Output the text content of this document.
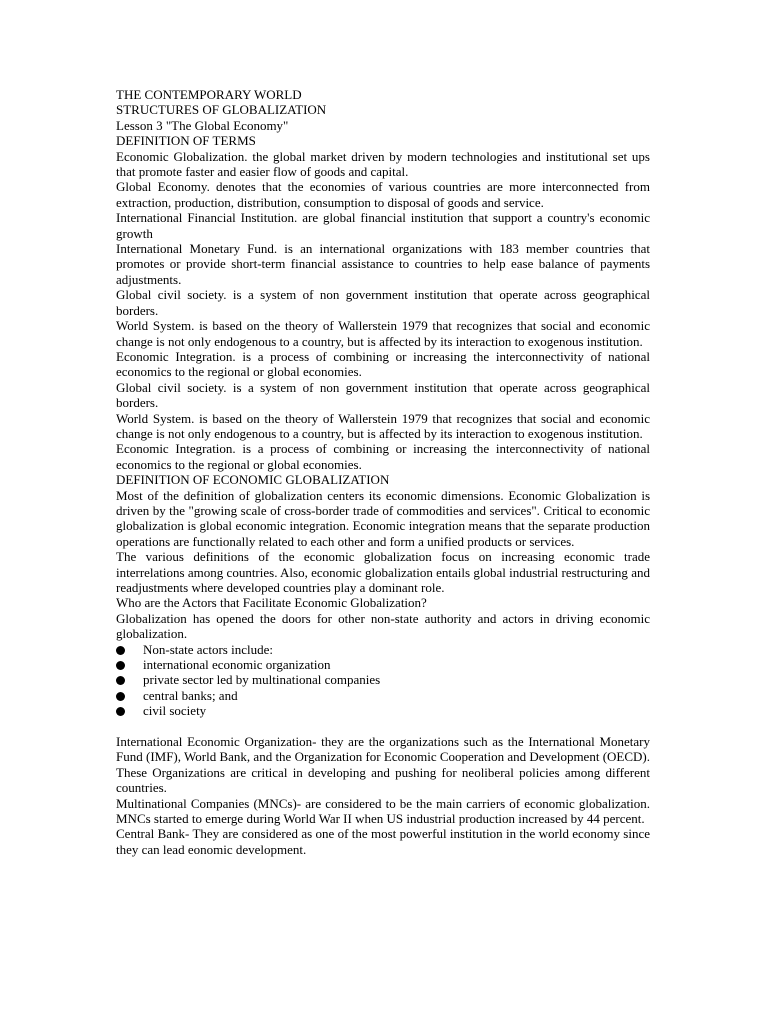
THE CONTEMPORARY WORLD

STRUCTURES OF GLOBALIZATION

Lesson 3 "The Global Economy"

DEFINITION OF TERMS

Economic Globalization. the global market driven by modern technologies and institutional set ups that promote faster and easier flow of goods and capital.

Global Economy. denotes that the economies of various countries are more interconnected from extraction, production, distribution, consumption to disposal of goods and service.

International Financial Institution. are global financial institution that support a country's economic growth

International Monetary Fund. is an international organizations with 183 member countries that promotes or provide short-term financial assistance to countries to help ease balance of payments adjustments.

Global civil society. is a system of non government institution that operate across geographical borders.

World System. is based on the theory of Wallerstein 1979 that recognizes that social and economic change is not only endogenous to a country, but is affected by its interaction to exogenous institution.

Economic Integration. is a process of combining or increasing the interconnectivity of national economics to the regional or global economies.

Global civil society. is a system of non government institution that operate across geographical borders.

World System. is based on the theory of Wallerstein 1979 that recognizes that social and economic change is not only endogenous to a country, but is affected by its interaction to exogenous institution.

Economic Integration. is a process of combining or increasing the interconnectivity of national economics to the regional or global economies.

DEFINITION OF ECONOMIC GLOBALIZATION

Most of the definition of globalization centers its economic dimensions. Economic Globalization is driven by the "growing scale of cross-border trade of commodities and services". Critical to economic globalization is global economic integration. Economic integration means that the separate production operations are functionally related to each other and form a unified products or services.

The various definitions of the economic globalization focus on increasing economic trade interrelations among countries. Also, economic globalization entails global industrial restructuring and readjustments where developed countries play a dominant role.

Who are the Actors that Facilitate Economic Globalization?

Globalization has opened the doors for other non-state authority and actors in driving economic globalization.

Non-state actors include:
international economic organization
private sector led by multinational companies
central banks; and
civil society

International Economic Organization- they are the organizations such as the International Monetary Fund (IMF), World Bank, and the Organization for Economic Cooperation and Development (OECD). These Organizations are critical in developing and pushing for neoliberal policies among different countries.

Multinational Companies (MNCs)- are considered to be the main carriers of economic globalization. MNCs started to emerge during World War II when US industrial production increased by 44 percent.

Central Bank- They are considered as one of the most powerful institution in the world economy since they can lead eonomic development.
